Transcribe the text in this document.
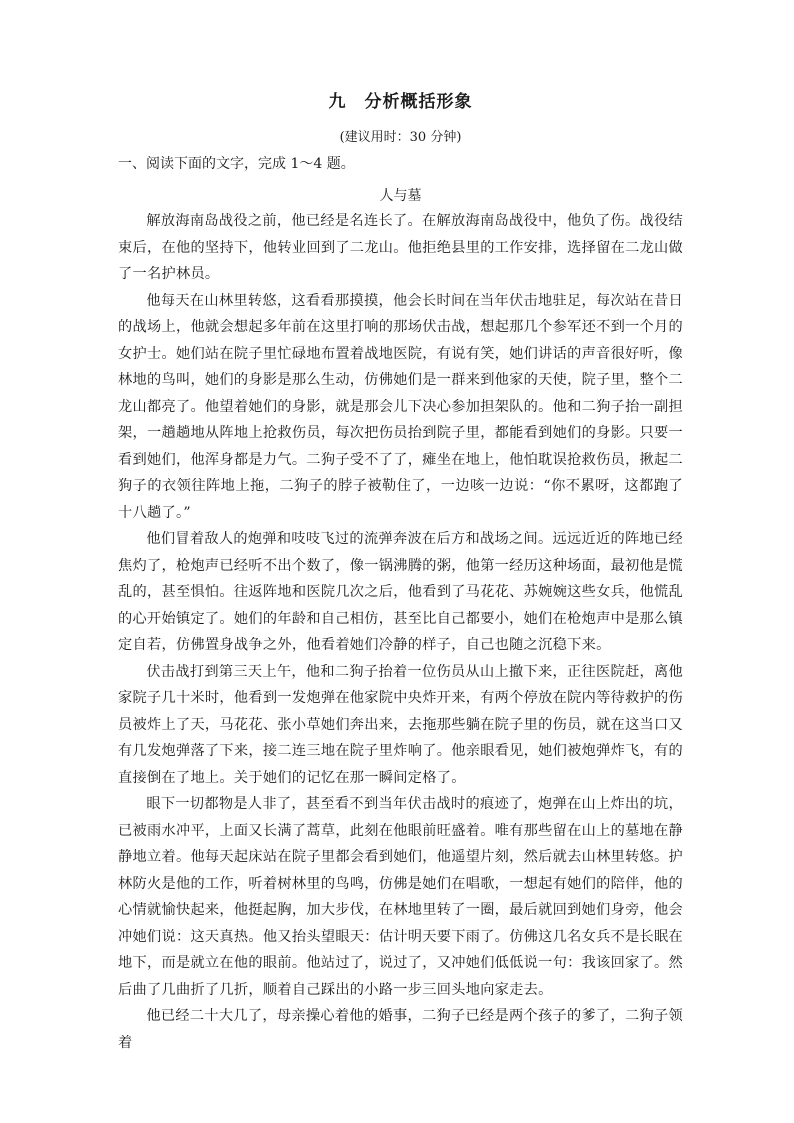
九　分析概括形象
(建议用时：30 分钟)
一、阅读下面的文字，完成 1～4 题。
人与墓

解放海南岛战役之前，他已经是名连长了。在解放海南岛战役中，他负了伤。战役结束后，在他的坚持下，他转业回到了二龙山。他拒绝县里的工作安排，选择留在二龙山做了一名护林员。

他每天在山林里转悠，这看看那摸摸，他会长时间在当年伏击地驻足，每次站在昔日的战场上，他就会想起多年前在这里打响的那场伏击战，想起那几个参军还不到一个月的女护士。她们站在院子里忙碌地布置着战地医院，有说有笑，她们讲话的声音很好听，像林地的鸟叫，她们的身影是那么生动，仿佛她们是一群来到他家的天使，院子里，整个二龙山都亮了。他望着她们的身影，就是那会儿下决心参加担架队的。他和二狗子抬一副担架，一趟趟地从阵地上抢救伤员，每次把伤员抬到院子里，都能看到她们的身影。只要一看到她们，他浑身都是力气。二狗子受不了了，瘫坐在地上，他怕耽误抢救伤员，揪起二狗子的衣领往阵地上拖，二狗子的脖子被勒住了，一边咳一边说：“你不累呀，这都跑了十八趟了。”

他们冒着敌人的炮弹和吱吱飞过的流弹奔波在后方和战场之间。远远近近的阵地已经焦灼了，枪炮声已经听不出个数了，像一锅沸腾的粥，他第一经历这种场面，最初他是慌乱的，甚至惧怕。往返阵地和医院几次之后，他看到了马花花、苏婉婉这些女兵，他慌乱的心开始镇定了。她们的年龄和自己相仿，甚至比自己都要小，她们在枪炮声中是那么镇定自若，仿佛置身战争之外，他看着她们冷静的样子，自己也随之沉稳下来。

伏击战打到第三天上午，他和二狗子抬着一位伤员从山上撤下来，正往医院赶，离他家院子几十米时，他看到一发炮弹在他家院中央炸开来，有两个停放在院内等待救护的伤员被炸上了天，马花花、张小草她们奔出来，去拖那些躺在院子里的伤员，就在这当口又有几发炮弹落了下来，接二连三地在院子里炸响了。他亲眼看见，她们被炮弹炸飞，有的直接倒在了地上。关于她们的记忆在那一瞬间定格了。

眼下一切都物是人非了，甚至看不到当年伏击战时的痕迹了，炮弹在山上炸出的坑，已被雨水冲平，上面又长满了蒿草，此刻在他眼前旺盛着。唯有那些留在山上的墓地在静静地立着。他每天起床站在院子里都会看到她们，他遥望片刻，然后就去山林里转悠。护林防火是他的工作，听着树林里的鸟鸣，仿佛是她们在唱歌，一想起有她们的陪伴，他的心情就愉快起来，他挺起胸，加大步伐，在林地里转了一圈，最后就回到她们身旁，他会冲她们说：这天真热。他又抬头望眼天：估计明天要下雨了。仿佛这几名女兵不是长眠在地下，而是就立在他的眼前。他站过了，说过了，又冲她们低低说一句：我该回家了。然后曲了几曲折了几折，顺着自己踩出的小路一步三回头地向家走去。

他已经二十大几了，母亲操心着他的婚事，二狗子已经是两个孩子的爹了，二狗子领着
